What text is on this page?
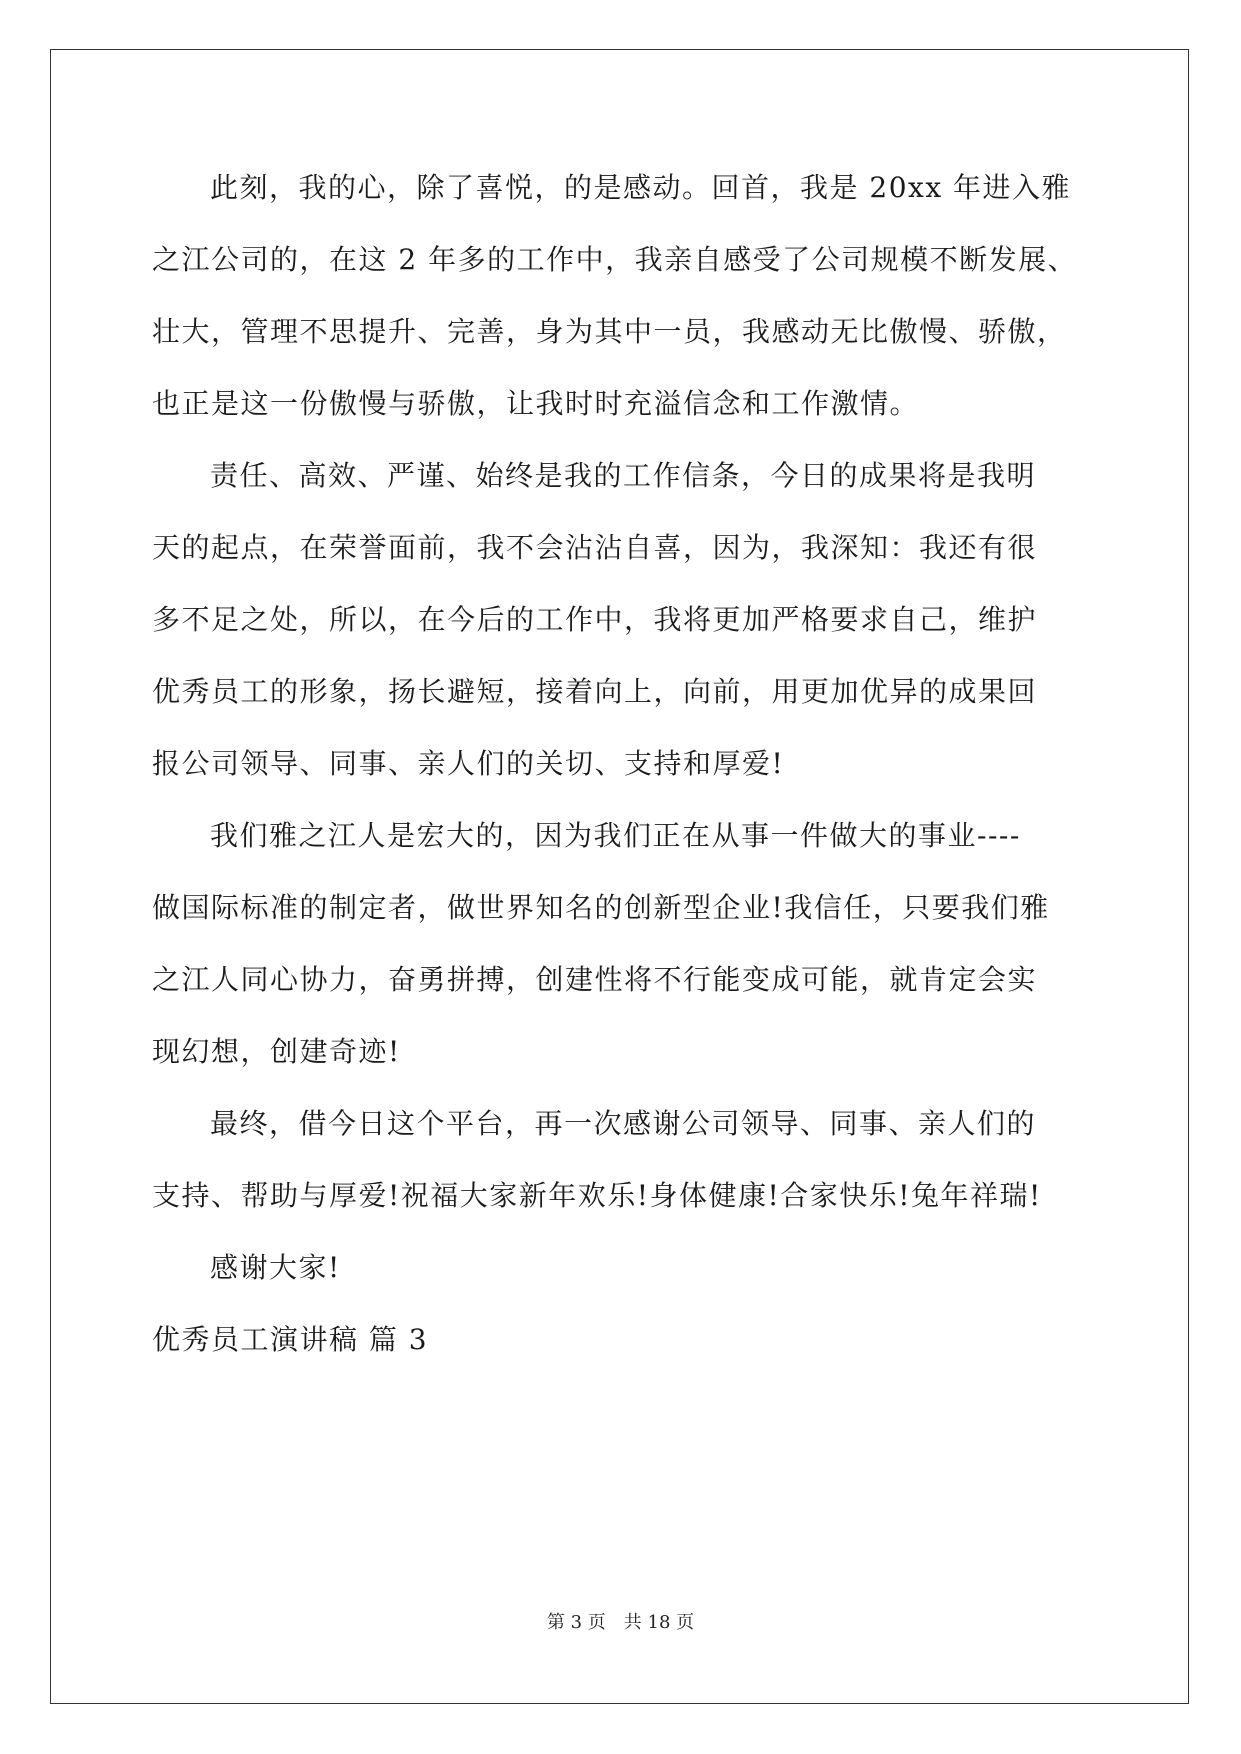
此刻，我的心，除了喜悦，的是感动。回首，我是 20xx 年进入雅
之江公司的，在这 2 年多的工作中，我亲自感受了公司规模不断发展、
壮大，管理不思提升、完善，身为其中一员，我感动无比傲慢、骄傲，
也正是这一份傲慢与骄傲，让我时时充溢信念和工作激情。
责任、高效、严谨、始终是我的工作信条，今日的成果将是我明
天的起点，在荣誉面前，我不会沾沾自喜，因为，我深知：我还有很
多不足之处，所以，在今后的工作中，我将更加严格要求自己，维护
优秀员工的形象，扬长避短，接着向上，向前，用更加优异的成果回
报公司领导、同事、亲人们的关切、支持和厚爱!
我们雅之江人是宏大的，因为我们正在从事一件做大的事业----
做国际标准的制定者，做世界知名的创新型企业!我信任，只要我们雅
之江人同心协力，奋勇拼搏，创建性将不行能变成可能，就肯定会实
现幻想，创建奇迹!
最终，借今日这个平台，再一次感谢公司领导、同事、亲人们的
支持、帮助与厚爱!祝福大家新年欢乐!身体健康!合家快乐!兔年祥瑞!
感谢大家!
优秀员工演讲稿 篇 3
第 3 页　共 18 页
